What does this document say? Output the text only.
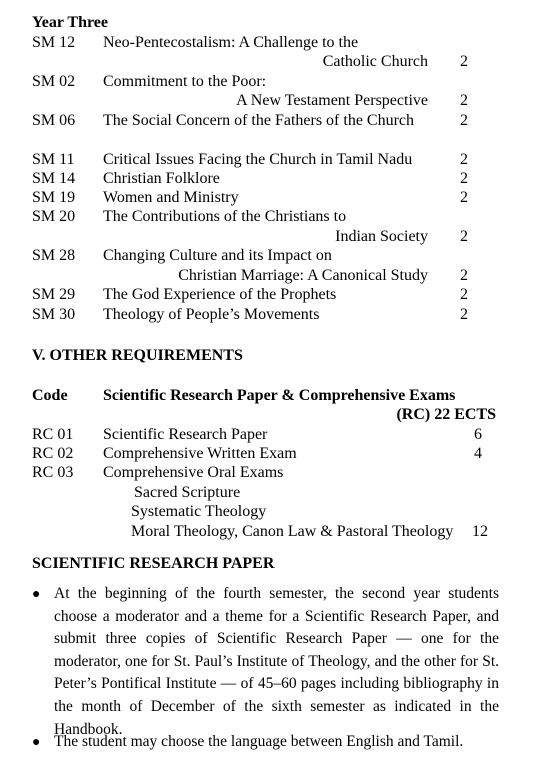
Year Three
SM 12 Neo-Pentecostalism: A Challenge to the
Catholic Church 2
SM 02 Commitment to the Poor:
A New Testament Perspective 2
SM 06 The Social Concern of the Fathers of the Church	2
SM 11 Critical Issues Facing the Church in Tamil Nadu	2
SM 14 Christian Folklore	2
SM 19 Women and Ministry	2
SM 20 The Contributions of the Christians to
Indian Society 2
SM 28 Changing Culture and its Impact on
Christian Marriage: A Canonical Study 2
SM 29 The God Experience of the Prophets	2
SM 30 Theology of People’s Movements	2
V. OTHER REQUIREMENTS
Code Scientific Research Paper & Comprehensive Exams
(RC) 22 ECTS
RC 01 Scientific Research Paper	6
RC 02 Comprehensive Written Exam	4
RC 03 Comprehensive Oral Exams
Sacred Scripture
Systematic Theology
Moral Theology, Canon Law & Pastoral Theology 12
SCIENTIFIC RESEARCH PAPER
● At the beginning of the fourth semester, the second year students choose a moderator and a theme for a Scientific Research Paper, and submit three copies of Scientific Research Paper — one for the moderator, one for St. Paul’s Institute of Theology, and the other for St. Peter’s Pontifical Institute — of 45–60 pages including bibliography in the month of December of the sixth semester as indicated in the Handbook.
● The student may choose the language between English and Tamil.
